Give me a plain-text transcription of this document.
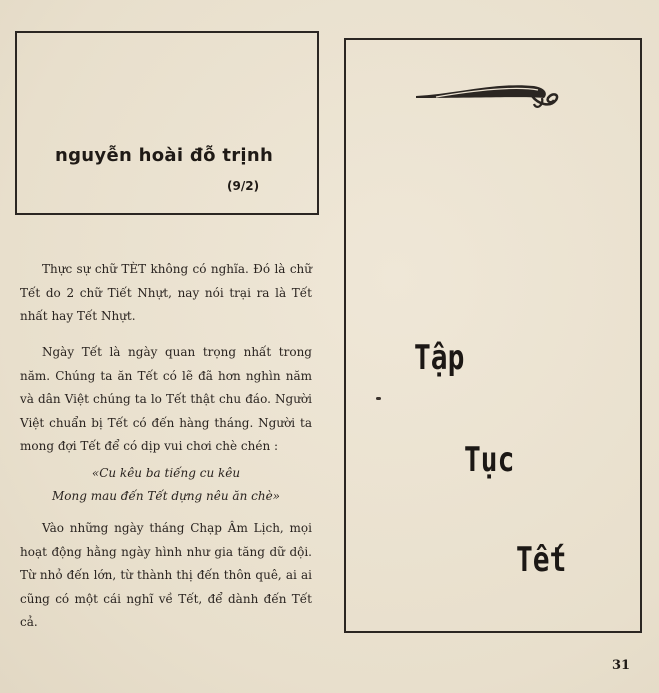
nguyễn hoài đỗ trịnh
(9/2)

Thực sự chữ TÈT không có nghĩa. Đó là chữ Tết do 2 chữ Tiết Nhựt, nay nói trại ra là Tết nhất hay Tết Nhựt.

Ngày Tết là ngày quan trọng nhất trong năm. Chúng ta ăn Tết có lẽ đã hơn nghìn năm và dân Việt chúng ta lo Tết thật chu đáo. Người Việt chuẩn bị Tết có đến hàng tháng. Người ta mong đợi Tết để có dịp vui chơi chè chén :

«Cu kêu ba tiếng cu kêu
Mong mau đến Tết dựng nêu ăn chè»

Vào những ngày tháng Chạp Âm Lịch, mọi hoạt động hằng ngày hình như gia tăng dữ dội. Từ nhỏ đến lớn, từ thành thị đến thôn quê, ai ai cũng có một cái nghĩ về Tết, để dành đến Tết cả.

Tập
Tục
Tết
31
